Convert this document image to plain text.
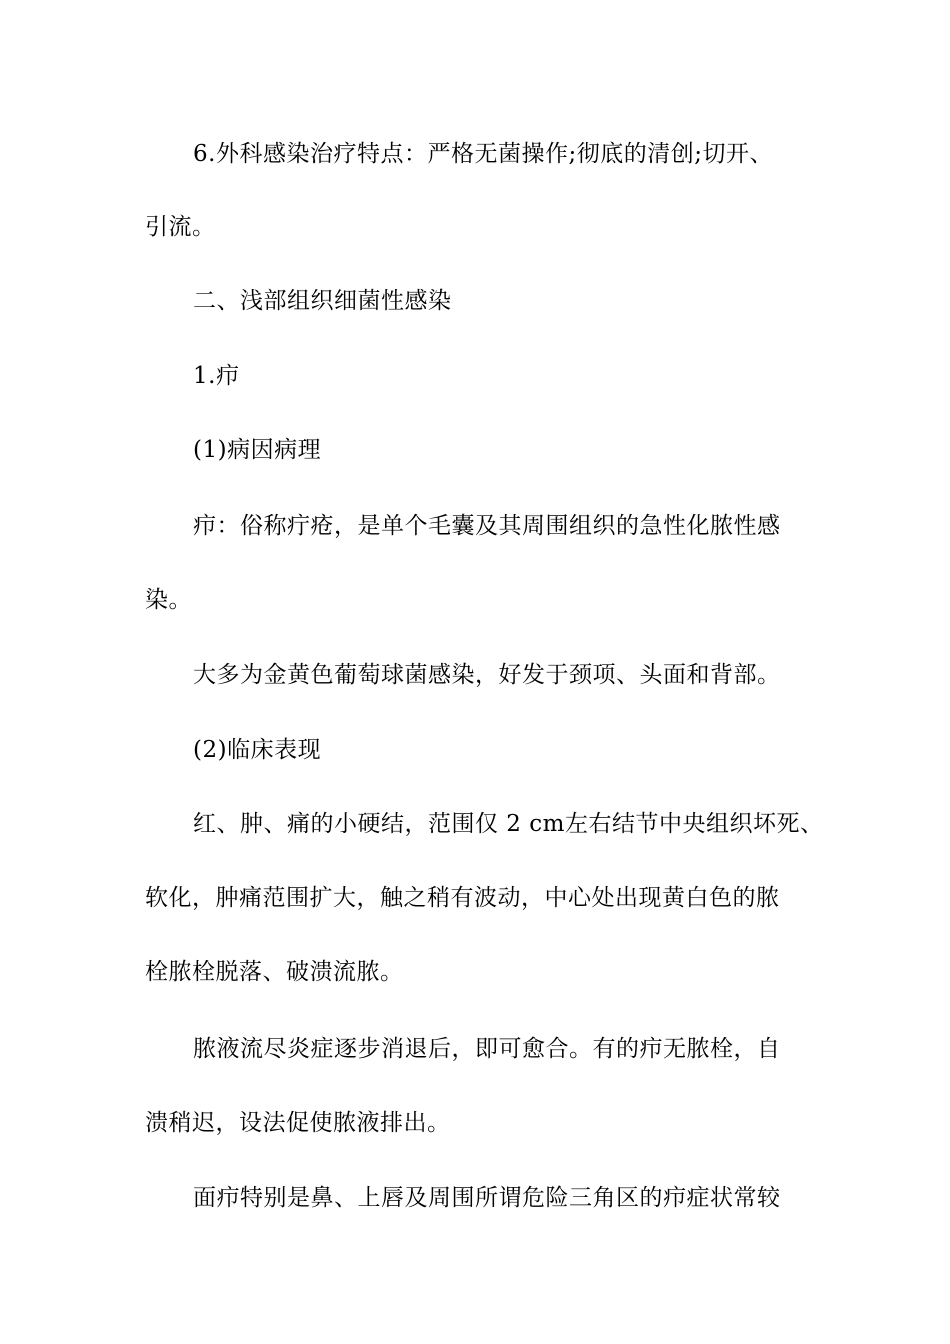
6.外科感染治疗特点：严格无菌操作;彻底的清创;切开、
引流。
二、浅部组织细菌性感染
1.疖
(1)病因病理
疖：俗称疔疮，是单个毛囊及其周围组织的急性化脓性感
染。
大多为金黄色葡萄球菌感染，好发于颈项、头面和背部。
(2)临床表现
红、肿、痛的小硬结，范围仅 2 cm左右结节中央组织坏死、
软化，肿痛范围扩大，触之稍有波动，中心处出现黄白色的脓
栓脓栓脱落、破溃流脓。
脓液流尽炎症逐步消退后，即可愈合。有的疖无脓栓，自
溃稍迟，设法促使脓液排出。
面疖特别是鼻、上唇及周围所谓危险三角区的疖症状常较
